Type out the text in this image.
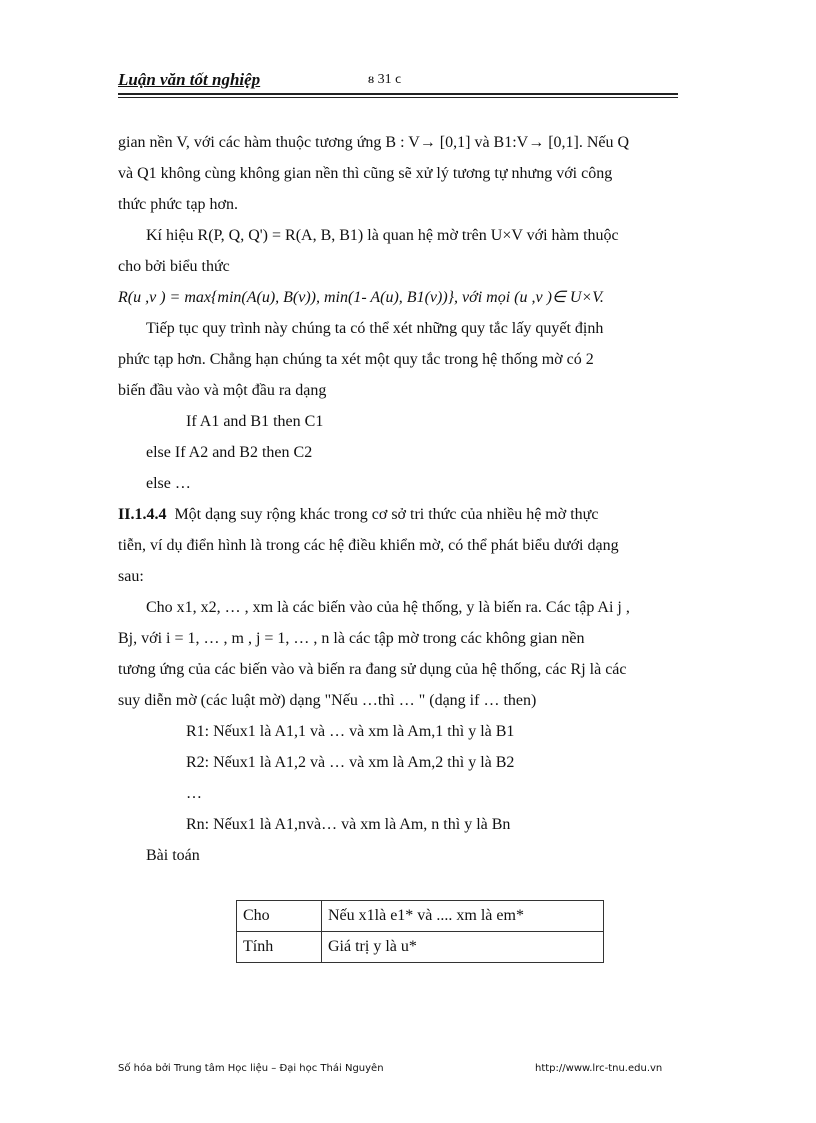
Luận văn tốt nghiệp	ᴕ 31 ϲ
gian nền V, với các hàm thuộc tương ứng B : V→ [0,1] và B1:V→ [0,1]. Nếu Q
và Q1 không cùng không gian nền thì cũng sẽ xử lý tương tự nhưng với công
thức phức tạp hơn.
Kí hiệu R(P, Q, Q') = R(A, B, B1) là quan hệ mờ trên U×V với hàm thuộc
cho bởi biểu thức
R(u ,v ) = max{min(A(u), B(v)), min(1- A(u), B1(v))}, với mọi (u ,v )∈ U×V.
Tiếp tục quy trình này chúng ta có thể xét những quy tắc lấy quyết định
phức tạp hơn. Chẳng hạn chúng ta xét một quy tắc trong hệ thống mờ có 2
biến đầu vào và một đầu ra dạng
If A1 and B1 then C1
else If A2 and B2 then C2
else …
II.1.4.4 Một dạng suy rộng khác trong cơ sở tri thức của nhiều hệ mờ thực
tiễn, ví dụ điển hình là trong các hệ điều khiển mờ, có thể phát biểu dưới dạng
sau:
Cho x1, x2, … , xm là các biến vào của hệ thống, y là biến ra. Các tập Ai j ,
Bj, với i = 1, … , m , j = 1, … , n là các tập mờ trong các không gian nền
tương ứng của các biến vào và biến ra đang sử dụng của hệ thống, các Rj là các
suy diễn mờ (các luật mờ) dạng "Nếu …thì … " (dạng if … then)
R1: Nếux1 là A1,1 và … và xm là Am,1 thì y là B1
R2: Nếux1 là A1,2 và … và xm là Am,2 thì y là B2
…
Rn: Nếux1 là A1,nvà… và xm là Am, n thì y là Bn
Bài toán
Cho	Nếu x1là e1* và .... xm là em*
Tính	Giá trị y là u*
Số hóa bởi Trung tâm Học liệu – Đại học Thái Nguyên	http://www.lrc-tnu.edu.vn
